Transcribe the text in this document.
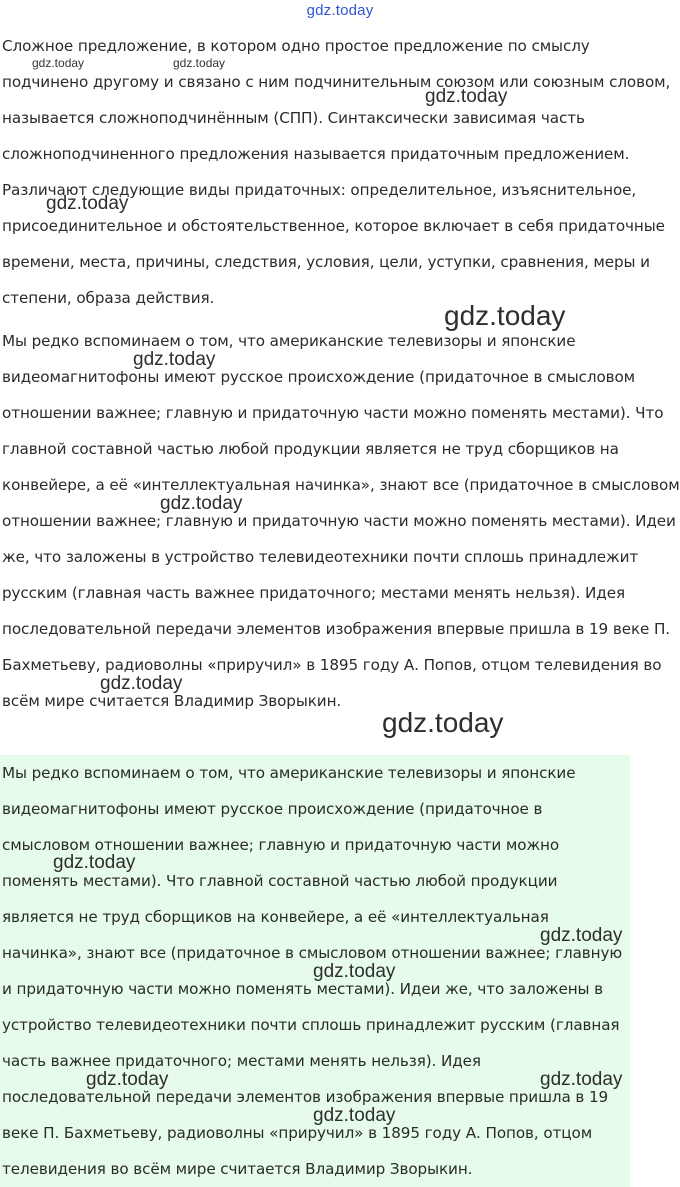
gdz.today

Сложное предложение, в котором одно простое предложение по смыслу подчинено другому и связано с ним подчинительным союзом или союзным словом, называется сложноподчинённым (СПП). Синтаксически зависимая часть сложноподчиненного предложения называется придаточным предложением. Различают следующие виды придаточных: определительное, изъяснительное, присоединительное и обстоятельственное, которое включает в себя придаточные времени, места, причины, следствия, условия, цели, уступки, сравнения, меры и степени, образа действия.

Мы редко вспоминаем о том, что американские телевизоры и японские видеомагнитофоны имеют русское происхождение (придаточное в смысловом отношении важнее; главную и придаточную части можно поменять местами). Что главной составной частью любой продукции является не труд сборщиков на конвейере, а её «интеллектуальная начинка», знают все (придаточное в смысловом отношении важнее; главную и придаточную части можно поменять местами). Идеи же, что заложены в устройство телевидеотехники почти сплошь принадлежит русским (главная часть важнее придаточного; местами менять нельзя). Идея последовательной передачи элементов изображения впервые пришла в 19 веке П. Бахметьеву, радиоволны «приручил» в 1895 году А. Попов, отцом телевидения во всём мире считается Владимир Зворыкин.

Мы редко вспоминаем о том, что американские телевизоры и японские видеомагнитофоны имеют русское происхождение (придаточное в смысловом отношении важнее; главную и придаточную части можно поменять местами). Что главной составной частью любой продукции является не труд сборщиков на конвейере, а её «интеллектуальная начинка», знают все (придаточное в смысловом отношении важнее; главную и придаточную части можно поменять местами). Идеи же, что заложены в устройство телевидеотехники почти сплошь принадлежит русским (главная часть важнее придаточного; местами менять нельзя). Идея последовательной передачи элементов изображения впервые пришла в 19 веке П. Бахметьеву, радиоволны «приручил» в 1895 году А. Попов, отцом телевидения во всём мире считается Владимир Зворыкин.

gdz.today	gdz.today
gdz.today
gdz.today
gdz.today
gdz.today
gdz.today
gdz.today
gdz.today
gdz.today
gdz.today
gdz.today
gdz.today	gdz.today
gdz.today
